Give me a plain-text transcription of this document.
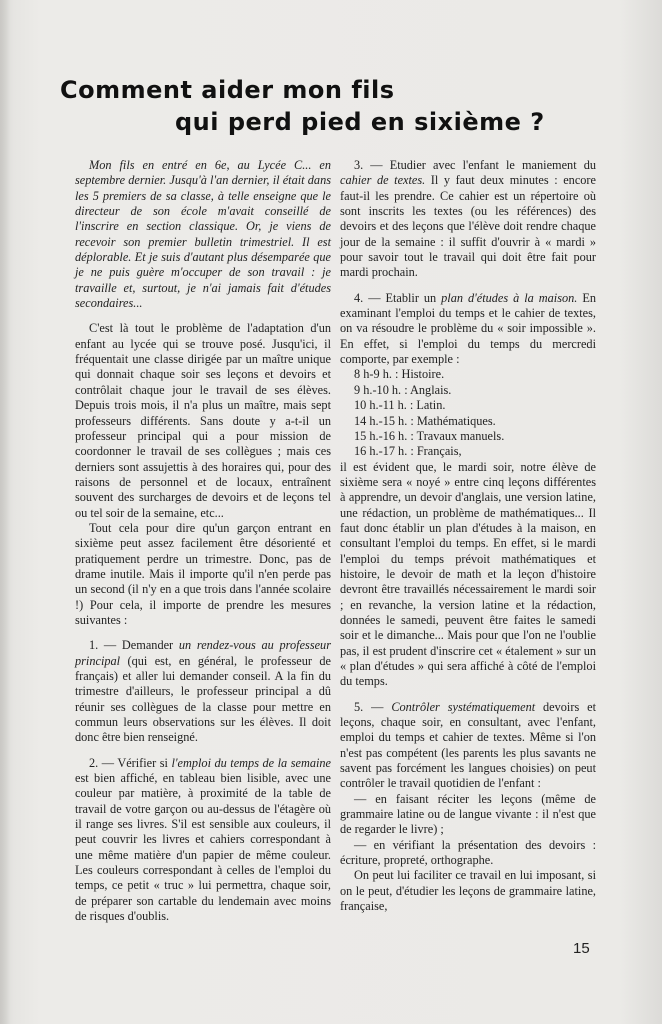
Comment aider mon fils
qui perd pied en sixième ?

Mon fils en entré en 6e, au Lycée C... en septembre dernier. Jusqu'à l'an dernier, il était dans les 5 premiers de sa classe, à telle enseigne que le directeur de son école m'avait conseillé de l'inscrire en section classique. Or, je viens de recevoir son premier bulletin trimestriel. Il est déplorable. Et je suis d'autant plus désemparée que je ne puis guère m'occuper de son travail : je travaille et, surtout, je n'ai jamais fait d'études secondaires...

C'est là tout le problème de l'adaptation d'un enfant au lycée qui se trouve posé. Jusqu'ici, il fréquentait une classe dirigée par un maître unique qui donnait chaque soir ses leçons et devoirs et contrôlait chaque jour le travail de ses élèves. Depuis trois mois, il n'a plus un maître, mais sept professeurs différents. Sans doute y a-t-il un professeur principal qui a pour mission de coordonner le travail de ses collègues ; mais ces derniers sont assujettis à des horaires qui, pour des raisons de personnel et de locaux, entraînent souvent des surcharges de devoirs et de leçons tel ou tel soir de la semaine, etc...

Tout cela pour dire qu'un garçon entrant en sixième peut assez facilement être désorienté et pratiquement perdre un trimestre. Donc, pas de drame inutile. Mais il importe qu'il n'en perde pas un second (il n'y en a que trois dans l'année scolaire !) Pour cela, il importe de prendre les mesures suivantes :

1. — Demander un rendez-vous au professeur principal (qui est, en général, le professeur de français) et aller lui demander conseil. A la fin du trimestre d'ailleurs, le professeur principal a dû réunir ses collègues de la classe pour mettre en commun leurs observations sur les élèves. Il doit donc être bien renseigné.

2. — Vérifier si l'emploi du temps de la semaine est bien affiché, en tableau bien lisible, avec une couleur par matière, à proximité de la table de travail de votre garçon ou au-dessus de l'étagère où il range ses livres. S'il est sensible aux couleurs, il peut couvrir les livres et cahiers correspondant à une même matière d'un papier de même couleur. Les couleurs correspondant à celles de l'emploi du temps, ce petit « truc » lui permettra, chaque soir, de préparer son cartable du lendemain avec moins de risques d'oublis.

3. — Etudier avec l'enfant le maniement du cahier de textes. Il y faut deux minutes : encore faut-il les prendre. Ce cahier est un répertoire où sont inscrits les textes (ou les références) des devoirs et des leçons que l'élève doit rendre chaque jour de la semaine : il suffit d'ouvrir à « mardi » pour savoir tout le travail qui doit être fait pour mardi prochain.

4. — Etablir un plan d'études à la maison. En examinant l'emploi du temps et le cahier de textes, on va résoudre le problème du « soir impossible ». En effet, si l'emploi du temps du mercredi comporte, par exemple :

8 h-9 h. : Histoire.
9 h.-10 h. : Anglais.
10 h.-11 h. : Latin.
14 h.-15 h. : Mathématiques.
15 h.-16 h. : Travaux manuels.
16 h.-17 h. : Français,

il est évident que, le mardi soir, notre élève de sixième sera « noyé » entre cinq leçons différentes à apprendre, un devoir d'anglais, une version latine, une rédaction, un problème de mathématiques... Il faut donc établir un plan d'études à la maison, en consultant l'emploi du temps. En effet, si le mardi l'emploi du temps prévoit mathématiques et histoire, le devoir de math et la leçon d'histoire devront être travaillés nécessairement le mardi soir ; en revanche, la version latine et la rédaction, données le samedi, peuvent être faites le samedi soir et le dimanche... Mais pour que l'on ne l'oublie pas, il est prudent d'inscrire cet « étalement » sur un « plan d'études » qui sera affiché à côté de l'emploi du temps.

5. — Contrôler systématiquement devoirs et leçons, chaque soir, en consultant, avec l'enfant, emploi du temps et cahier de textes. Même si l'on n'est pas compétent (les parents les plus savants ne savent pas forcément les langues choisies) on peut contrôler le travail quotidien de l'enfant :

— en faisant réciter les leçons (même de grammaire latine ou de langue vivante : il n'est que de regarder le livre) ;

— en vérifiant la présentation des devoirs : écriture, propreté, orthographe.

On peut lui faciliter ce travail en lui imposant, si on le peut, d'étudier les leçons de grammaire latine, française,

15
